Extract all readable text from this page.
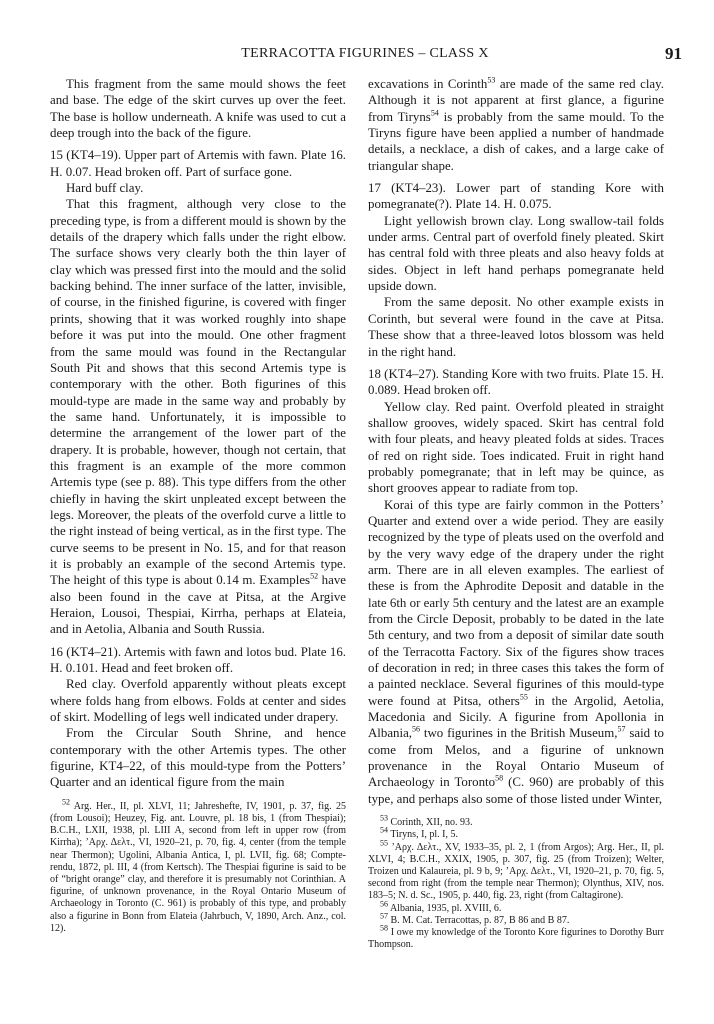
TERRACOTTA FIGURINES – CLASS X	91

This fragment from the same mould shows the feet and base. The edge of the skirt curves up over the feet. The base is hollow underneath. A knife was used to cut a deep trough into the back of the figure.

15 (KT4–19). Upper part of Artemis with fawn. Plate 16. H. 0.07. Head broken off. Part of surface gone.

Hard buff clay.

That this fragment, although very close to the preceding type, is from a different mould is shown by the details of the drapery which falls under the right elbow. The surface shows very clearly both the thin layer of clay which was pressed first into the mould and the solid backing behind. The inner surface of the latter, invisible, of course, in the finished figurine, is covered with finger prints, showing that it was worked roughly into shape before it was put into the mould. One other fragment from the same mould was found in the Rectangular South Pit and shows that this second Artemis type is contemporary with the other. Both figurines of this mould-type are made in the same way and probably by the same hand. Unfortunately, it is impossible to determine the arrangement of the lower part of the drapery. It is probable, however, though not certain, that this fragment is an example of the more common Artemis type (see p. 88). This type differs from the other chiefly in having the skirt unpleated except between the legs. Moreover, the pleats of the overfold curve a little to the right instead of being vertical, as in the first type. The curve seems to be present in No. 15, and for that reason it is probably an example of the second Artemis type. The height of this type is about 0.14 m. Examples$^{52}$ have also been found in the cave at Pitsa, at the Argive Heraion, Lousoi, Thespiai, Kirrha, perhaps at Elateia, and in Aetolia, Albania and South Russia.

16 (KT4–21). Artemis with fawn and lotos bud. Plate 16. H. 0.101. Head and feet broken off.

Red clay. Overfold apparently without pleats except where folds hang from elbows. Folds at center and sides of skirt. Modelling of legs well indicated under drapery.

From the Circular South Shrine, and hence contemporary with the other Artemis types. The other figurine, KT4–22, of this mould-type from the Potters’ Quarter and an identical figure from the main

$^{52}$ Arg. Her., II, pl. XLVI, 11; Jahreshefte, IV, 1901, p. 37, fig. 25 (from Lousoi); Heuzey, Fig. ant. Louvre, pl. 18 bis, 1 (from Thespiai); B.C.H., LXII, 1938, pl. LIII A, second from left in upper row (from Kirrha); ’Αρχ. Δελτ., VI, 1920–21, p. 70, fig. 4, center (from the temple near Thermon); Ugolini, Albania Antica, I, pl. LVII, fig. 68; Compte-rendu, 1872, pl. III, 4 (from Kertsch). The Thespiai figurine is said to be of “bright orange” clay, and therefore it is presumably not Corinthian. A figurine, of unknown provenance, in the Royal Ontario Museum of Archaeology in Toronto (C. 961) is probably of this type, and probably also a figurine in Bonn from Elateia (Jahrbuch, V, 1890, Arch. Anz., col. 12).

excavations in Corinth$^{53}$ are made of the same red clay. Although it is not apparent at first glance, a figurine from Tiryns$^{54}$ is probably from the same mould. To the Tiryns figure have been applied a number of handmade details, a necklace, a dish of cakes, and a large cake of triangular shape.

17 (KT4–23). Lower part of standing Kore with pomegranate(?). Plate 14. H. 0.075.

Light yellowish brown clay. Long swallow-tail folds under arms. Central part of overfold finely pleated. Skirt has central fold with three pleats and also heavy folds at sides. Object in left hand perhaps pomegranate held upside down.

From the same deposit. No other example exists in Corinth, but several were found in the cave at Pitsa. These show that a three-leaved lotos blossom was held in the right hand.

18 (KT4–27). Standing Kore with two fruits. Plate 15. H. 0.089. Head broken off.

Yellow clay. Red paint. Overfold pleated in straight shallow grooves, widely spaced. Skirt has central fold with four pleats, and heavy pleated folds at sides. Traces of red on right side. Toes indicated. Fruit in right hand probably pomegranate; that in left may be quince, as short grooves appear to radiate from top.

Korai of this type are fairly common in the Potters’ Quarter and extend over a wide period. They are easily recognized by the type of pleats used on the overfold and by the very wavy edge of the drapery under the right arm. There are in all eleven examples. The earliest of these is from the Aphrodite Deposit and datable in the late 6th or early 5th century and the latest are an example from the Circle Deposit, probably to be dated in the late 5th century, and two from a deposit of similar date south of the Terracotta Factory. Six of the figures show traces of decoration in red; in three cases this takes the form of a painted necklace. Several figurines of this mould-type were found at Pitsa, others$^{55}$ in the Argolid, Aetolia, Macedonia and Sicily. A figurine from Apollonia in Albania,$^{56}$ two figurines in the British Museum,$^{57}$ said to come from Melos, and a figurine of unknown provenance in the Royal Ontario Museum of Archaeology in Toronto$^{58}$ (C. 960) are probably of this type, and perhaps also some of those listed under Winter,

$^{53}$ Corinth, XII, no. 93.

$^{54}$ Tiryns, I, pl. I, 5.

$^{55}$ ’Αρχ. Δελτ., XV, 1933–35, pl. 2, 1 (from Argos); Arg. Her., II, pl. XLVI, 4; B.C.H., XXIX, 1905, p. 307, fig. 25 (from Troizen); Welter, Troizen und Kalaureia, pl. 9 b, 9; ’Αρχ. Δελτ., VI, 1920–21, p. 70, fig. 5, second from right (from the temple near Thermon); Olynthus, XIV, nos. 183–5; N. d. Sc., 1905, p. 440, fig. 23, right (from Caltagirone).

$^{56}$ Albania, 1935, pl. XVIII, 6.

$^{57}$ B. M. Cat. Terracottas, p. 87, B 86 and B 87.

$^{58}$ I owe my knowledge of the Toronto Kore figurines to Dorothy Burr Thompson.
